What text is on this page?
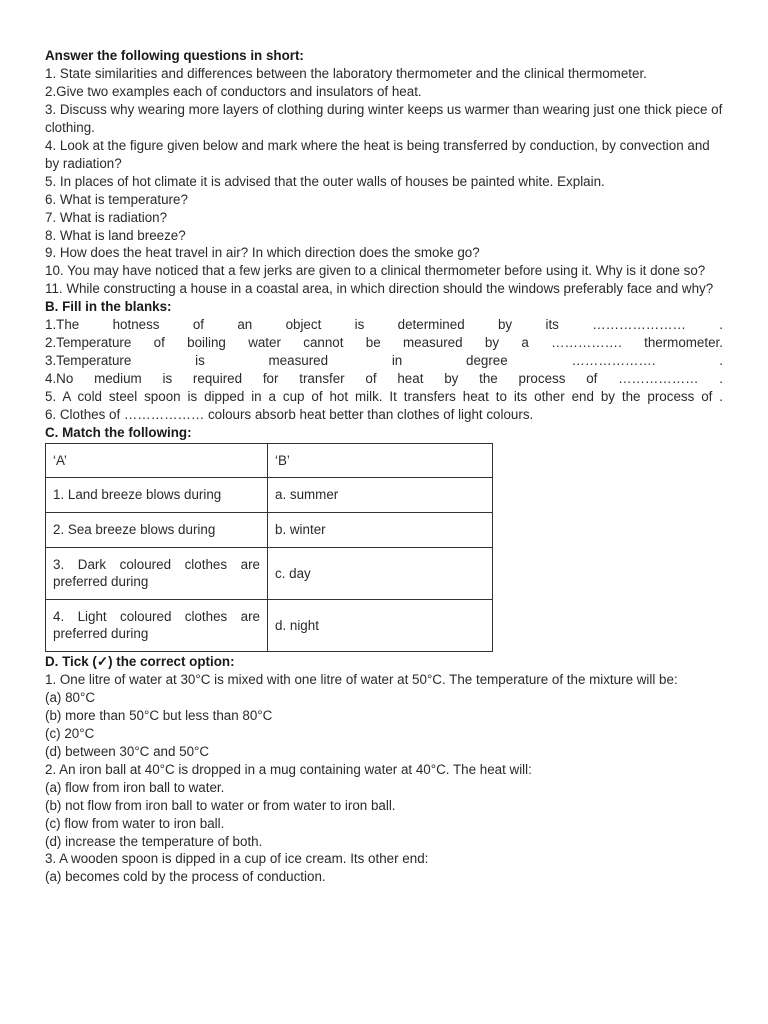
Answer the following questions in short:
1. State similarities and differences between the laboratory thermometer and the clinical thermometer.
2.Give two examples each of conductors and insulators of heat.
3. Discuss why wearing more layers of clothing during winter keeps us warmer than wearing just one thick piece of clothing.
4. Look at the figure given below and mark where the heat is being transferred by conduction, by convection and by radiation?
5. In places of hot climate it is advised that the outer walls of houses be painted white. Explain.
6. What is temperature?
7. What is radiation?
8. What is land breeze?
9. How does the heat travel in air? In which direction does the smoke go?
10. You may have noticed that a few jerks are given to a clinical thermometer before using it. Why is it done so?
11. While constructing a house in a coastal area, in which direction should the windows preferably face and why?
B. Fill in the blanks:
1.The hotness of an object is determined by its ………………… .
2.Temperature of boiling water cannot be measured by a ……………. thermometer.
3.Temperature is measured in degree ………………. .
4.No medium is required for transfer of heat by the process of ……………… .
5. A cold steel spoon is dipped in a cup of hot milk. It transfers heat to its other end by the process of .
6. Clothes of ……………… colours absorb heat better than clothes of light colours.
C. Match the following:
‘A’	‘B’
1. Land breeze blows during	a. summer
2. Sea breeze blows during	b. winter
3. Dark coloured clothes are preferred during	c. day
4. Light coloured clothes are preferred during	d. night
D. Tick (✓) the correct option:
1. One litre of water at 30°C is mixed with one litre of water at 50°C. The temperature of the mixture will be:
(a) 80°C
(b) more than 50°C but less than 80°C
(c) 20°C
(d) between 30°C and 50°C
2. An iron ball at 40°C is dropped in a mug containing water at 40°C. The heat will:
(a) flow from iron ball to water.
(b) not flow from iron ball to water or from water to iron ball.
(c) flow from water to iron ball.
(d) increase the temperature of both.
3. A wooden spoon is dipped in a cup of ice cream. Its other end:
(a) becomes cold by the process of conduction.
